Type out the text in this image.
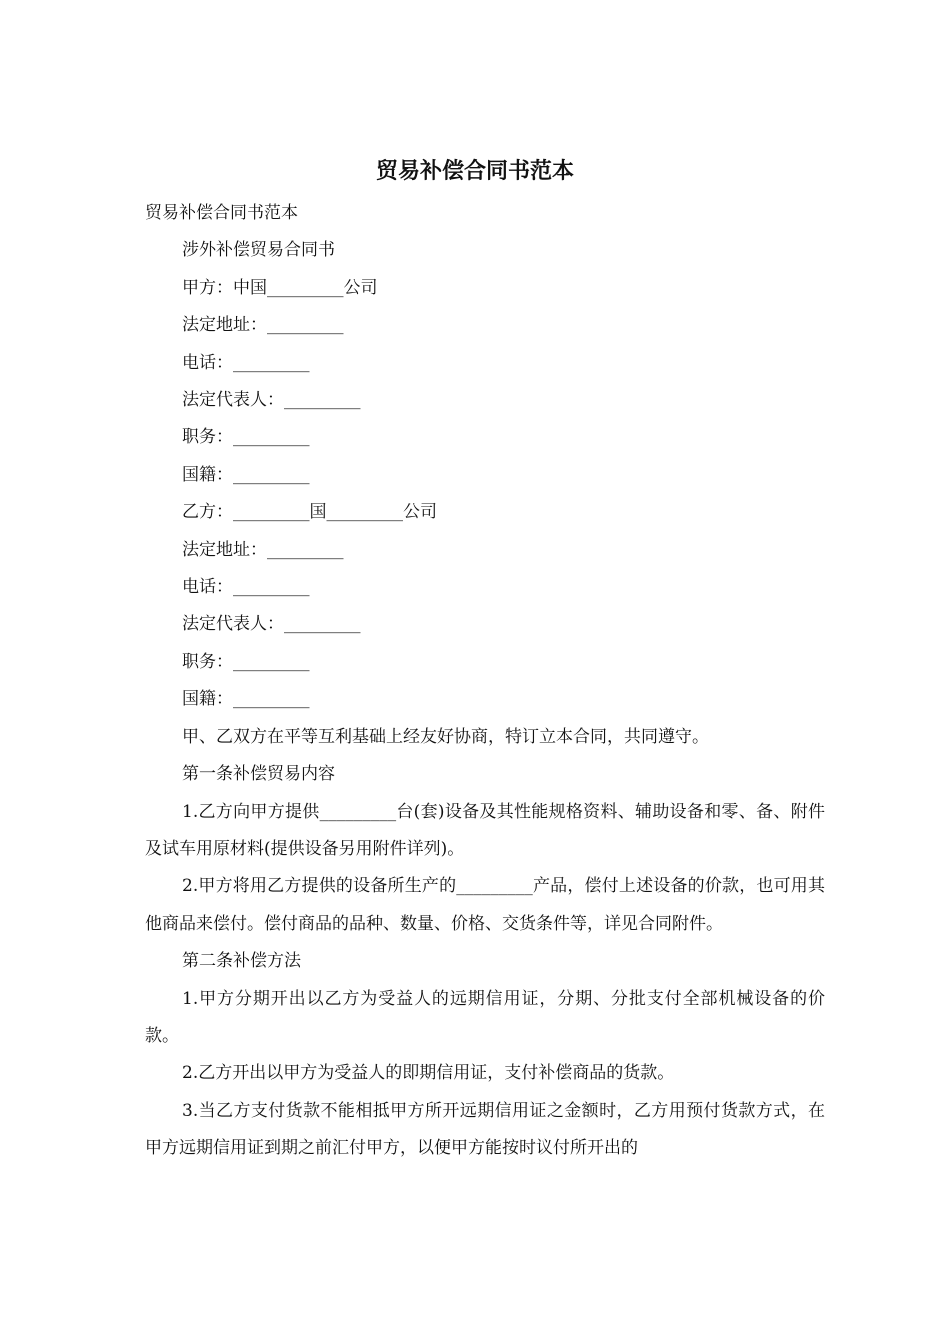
贸易补偿合同书范本

贸易补偿合同书范本

涉外补偿贸易合同书

甲方：中国_________公司

法定地址：_________

电话：_________

法定代表人：_________

职务：_________

国籍：_________

乙方：_________国_________公司

法定地址：_________

电话：_________

法定代表人：_________

职务：_________

国籍：_________

甲、乙双方在平等互利基础上经友好协商，特订立本合同，共同遵守。

第一条补偿贸易内容

1.乙方向甲方提供_________台(套)设备及其性能规格资料、辅助设备和零、备、附件及试车用原材料(提供设备另用附件详列)。

2.甲方将用乙方提供的设备所生产的_________产品，偿付上述设备的价款，也可用其他商品来偿付。偿付商品的品种、数量、价格、交货条件等，详见合同附件。

第二条补偿方法

1.甲方分期开出以乙方为受益人的远期信用证，分期、分批支付全部机械设备的价款。

2.乙方开出以甲方为受益人的即期信用证，支付补偿商品的货款。

3.当乙方支付货款不能相抵甲方所开远期信用证之金额时，乙方用预付货款方式，在甲方远期信用证到期之前汇付甲方，以便甲方能按时议付所开出的
